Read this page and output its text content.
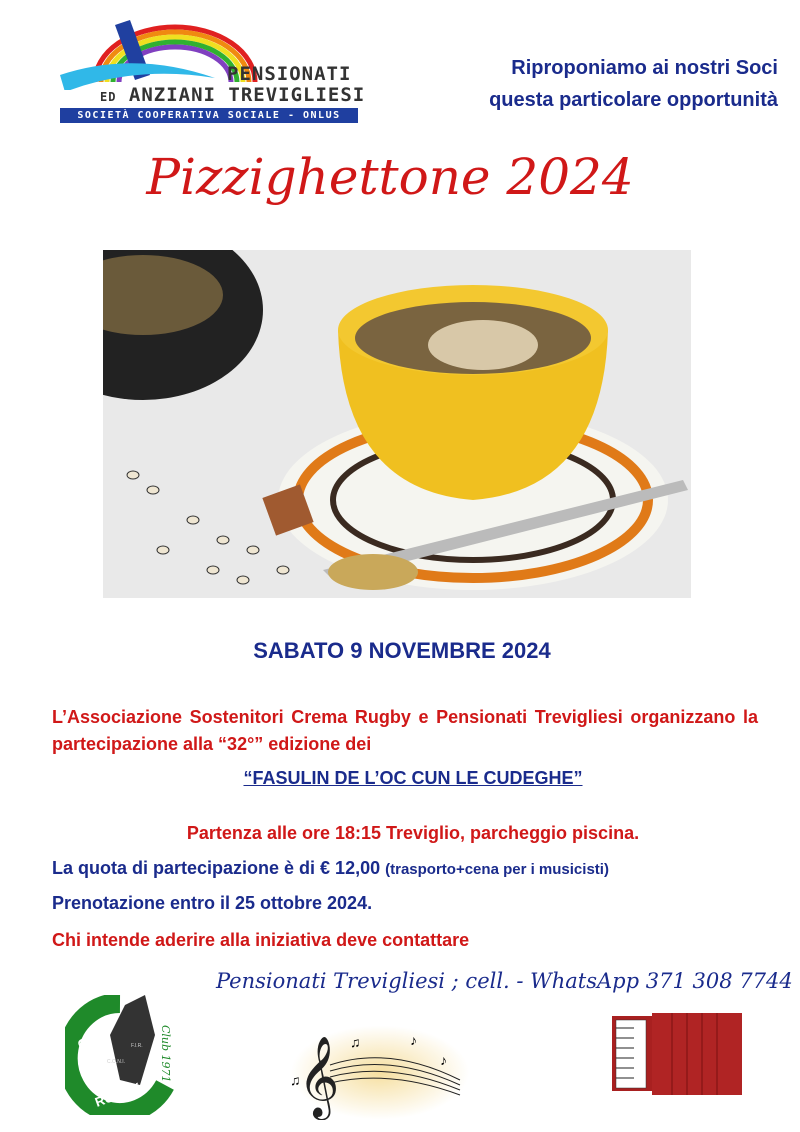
PENSIONATI
ED ANZIANI TREVIGLIESI
SOCIETÀ COOPERATIVA SOCIALE - ONLUS
Riproponiamo ai nostri Soci
questa particolare opportunità
Pizzighettone 2024
SABATO 9 NOVEMBRE 2024
L’Associazione Sostenitori Crema Rugby e Pensionati Trevigliesi organizzano la partecipazione alla “32°” edizione dei
“FASULIN DE L’OC CUN LE CUDEGHE”
Partenza alle ore 18:15 Treviglio, parcheggio piscina.
La quota di partecipazione è di € 12,00 (trasporto+cena per i musicisti)
Prenotazione entro il 25 ottobre 2024.
Chi intende aderire alla iniziativa deve contattare
Pensionati Trevigliesi ; cell. - WhatsApp 371 308 7744
CREMA
RUGBY
Club 1971
F.I.R.
C.O.N.I. 𝄞 ♫	♪
♪
♫
